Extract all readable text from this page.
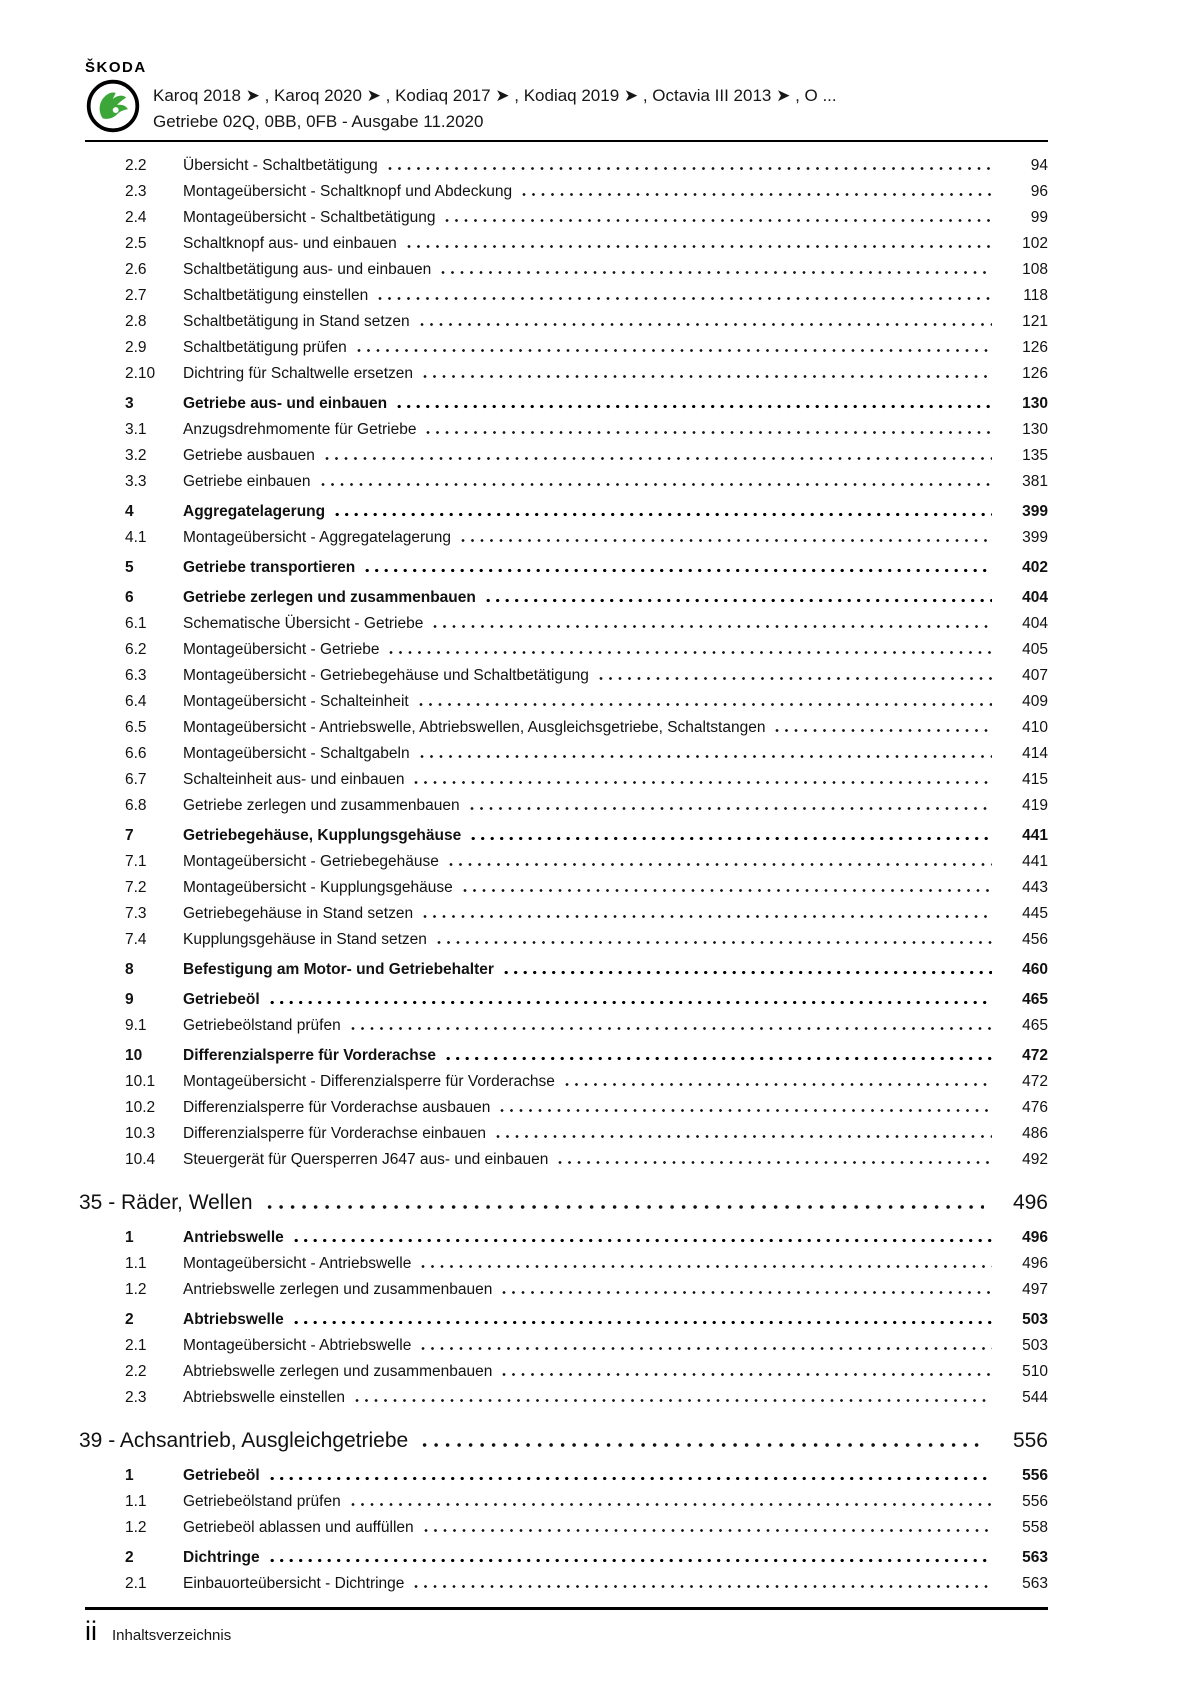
ŠKODA
Karoq 2018 ➤ , Karoq 2020 ➤ , Kodiaq 2017 ➤ , Kodiaq 2019 ➤ , Octavia III 2013 ➤ , O ...
Getriebe 02Q, 0BB, 0FB - Ausgabe 11.2020
2.2	Übersicht - Schaltbetätigung	94
2.3	Montageübersicht - Schaltknopf und Abdeckung	96
2.4	Montageübersicht - Schaltbetätigung	99
2.5	Schaltknopf aus- und einbauen	102
2.6	Schaltbetätigung aus- und einbauen	108
2.7	Schaltbetätigung einstellen	118
2.8	Schaltbetätigung in Stand setzen	121
2.9	Schaltbetätigung prüfen	126
2.10	Dichtring für Schaltwelle ersetzen	126
3	Getriebe aus- und einbauen	130
3.1	Anzugsdrehmomente für Getriebe	130
3.2	Getriebe ausbauen	135
3.3	Getriebe einbauen	381
4	Aggregatelagerung	399
4.1	Montageübersicht - Aggregatelagerung	399
5	Getriebe transportieren	402
6	Getriebe zerlegen und zusammenbauen	404
6.1	Schematische Übersicht - Getriebe	404
6.2	Montageübersicht - Getriebe	405
6.3	Montageübersicht - Getriebegehäuse und Schaltbetätigung	407
6.4	Montageübersicht - Schalteinheit	409
6.5	Montageübersicht - Antriebswelle, Abtriebswellen, Ausgleichsgetriebe, Schaltstangen	410
6.6	Montageübersicht - Schaltgabeln	414
6.7	Schalteinheit aus- und einbauen	415
6.8	Getriebe zerlegen und zusammenbauen	419
7	Getriebegehäuse, Kupplungsgehäuse	441
7.1	Montageübersicht - Getriebegehäuse	441
7.2	Montageübersicht - Kupplungsgehäuse	443
7.3	Getriebegehäuse in Stand setzen	445
7.4	Kupplungsgehäuse in Stand setzen	456
8	Befestigung am Motor- und Getriebehalter	460
9	Getriebeöl	465
9.1	Getriebeölstand prüfen	465
10	Differenzialsperre für Vorderachse	472
10.1	Montageübersicht - Differenzialsperre für Vorderachse	472
10.2	Differenzialsperre für Vorderachse ausbauen	476
10.3	Differenzialsperre für Vorderachse einbauen	486
10.4	Steuergerät für Quersperren J647 aus- und einbauen	492
35 - Räder, Wellen	496
1	Antriebswelle	496
1.1	Montageübersicht - Antriebswelle	496
1.2	Antriebswelle zerlegen und zusammenbauen	497
2	Abtriebswelle	503
2.1	Montageübersicht - Abtriebswelle	503
2.2	Abtriebswelle zerlegen und zusammenbauen	510
2.3	Abtriebswelle einstellen	544
39 - Achsantrieb, Ausgleichgetriebe	556
1	Getriebeöl	556
1.1	Getriebeölstand prüfen	556
1.2	Getriebeöl ablassen und auffüllen	558
2	Dichtringe	563
2.1	Einbauorteübersicht - Dichtringe	563
ii Inhaltsverzeichnis
